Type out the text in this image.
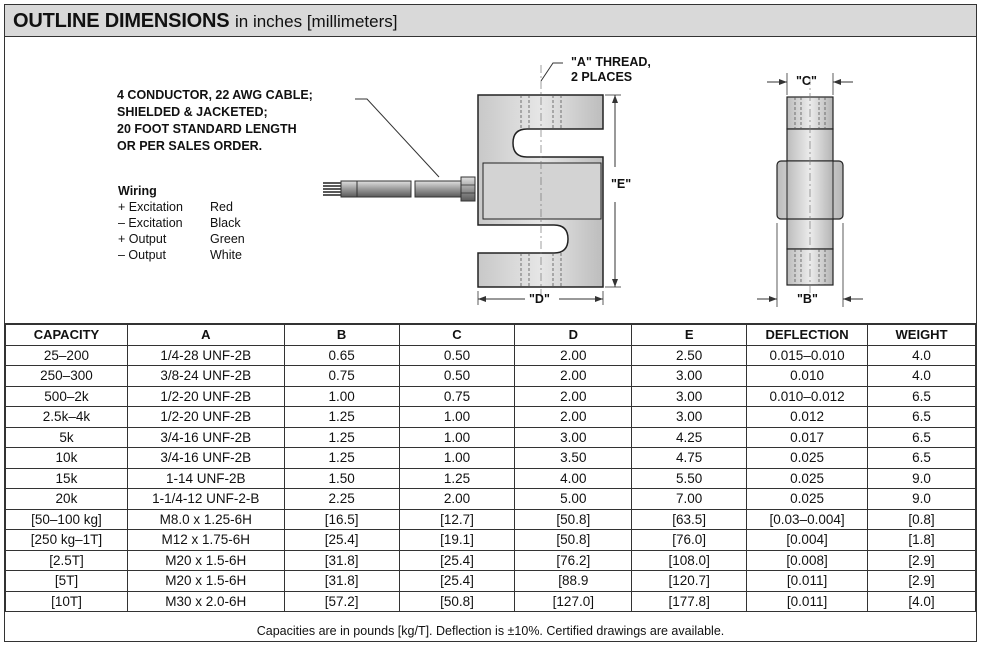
OUTLINE DIMENSIONS in inches [millimeters]
4 CONDUCTOR, 22 AWG CABLE;
SHIELDED & JACKETED;
20 FOOT STANDARD LENGTH
OR PER SALES ORDER.
"A" THREAD,
2 PLACES
"E"
"D"
"C"
"B"
Wiring
+ Excitation	Red
– Excitation	Black
+ Output	Green
– Output	White
CAPACITY	A	B	C	D	E	DEFLECTION	WEIGHT
25–200	1/4-28 UNF-2B	0.65	0.50	2.00	2.50	0.015–0.010	4.0
250–300	3/8-24 UNF-2B	0.75	0.50	2.00	3.00	0.010	4.0
500–2k	1/2-20 UNF-2B	1.00	0.75	2.00	3.00	0.010–0.012	6.5
2.5k–4k	1/2-20 UNF-2B	1.25	1.00	2.00	3.00	0.012	6.5
5k	3/4-16 UNF-2B	1.25	1.00	3.00	4.25	0.017	6.5
10k	3/4-16 UNF-2B	1.25	1.00	3.50	4.75	0.025	6.5
15k	1-14 UNF-2B	1.50	1.25	4.00	5.50	0.025	9.0
20k	1-1/4-12 UNF-2-B	2.25	2.00	5.00	7.00	0.025	9.0
[50–100 kg]	M8.0 x 1.25-6H	[16.5]	[12.7]	[50.8]	[63.5]	[0.03–0.004]	[0.8]
[250 kg–1T]	M12 x 1.75-6H	[25.4]	[19.1]	[50.8]	[76.0]	[0.004]	[1.8]
[2.5T]	M20 x 1.5-6H	[31.8]	[25.4]	[76.2]	[108.0]	[0.008]	[2.9]
[5T]	M20 x 1.5-6H	[31.8]	[25.4]	[88.9	[120.7]	[0.011]	[2.9]
[10T]	M30 x 2.0-6H	[57.2]	[50.8]	[127.0]	[177.8]	[0.011]	[4.0]
Capacities are in pounds [kg/T]. Deflection is ±10%. Certified drawings are available.
